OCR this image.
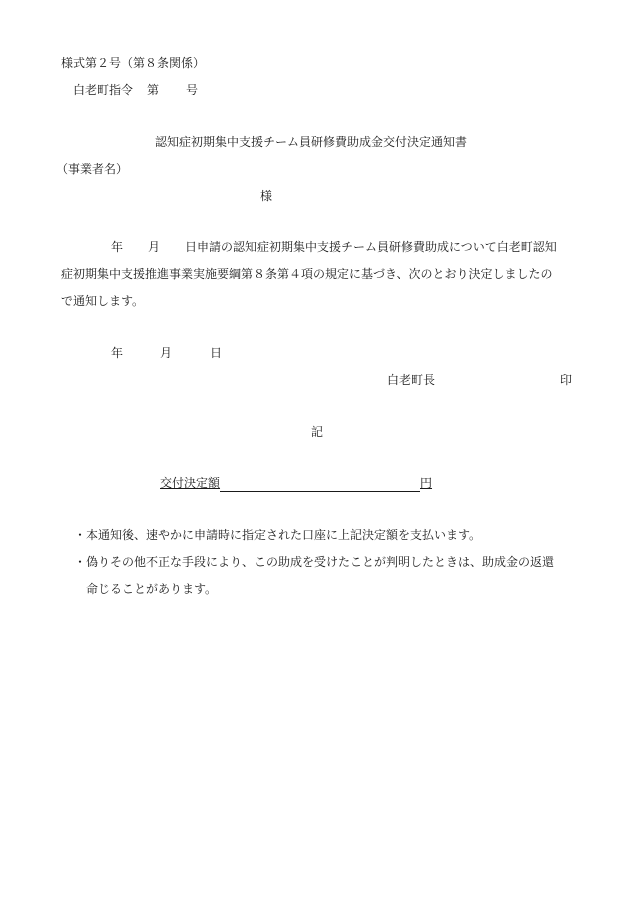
様式第２号（第８条関係）
白老町指令 第 号
認知症初期集中支援チーム員研修費助成金交付決定通知書
（事業者名）
様
年 月 日申請の認知症初期集中支援チーム員研修費助成について白老町認知
症初期集中支援推進事業実施要綱第８条第４項の規定に基づき、次のとおり決定しましたの
で通知します。
年	月	日
白老町長	印
記
交付決定額	円
・ 本通知後、速やかに申請時に指定された口座に上記決定額を支払います。
・ 偽りその他不正な手段により、この助成を受けたことが判明したときは、助成金の返還
命じることがあります。
